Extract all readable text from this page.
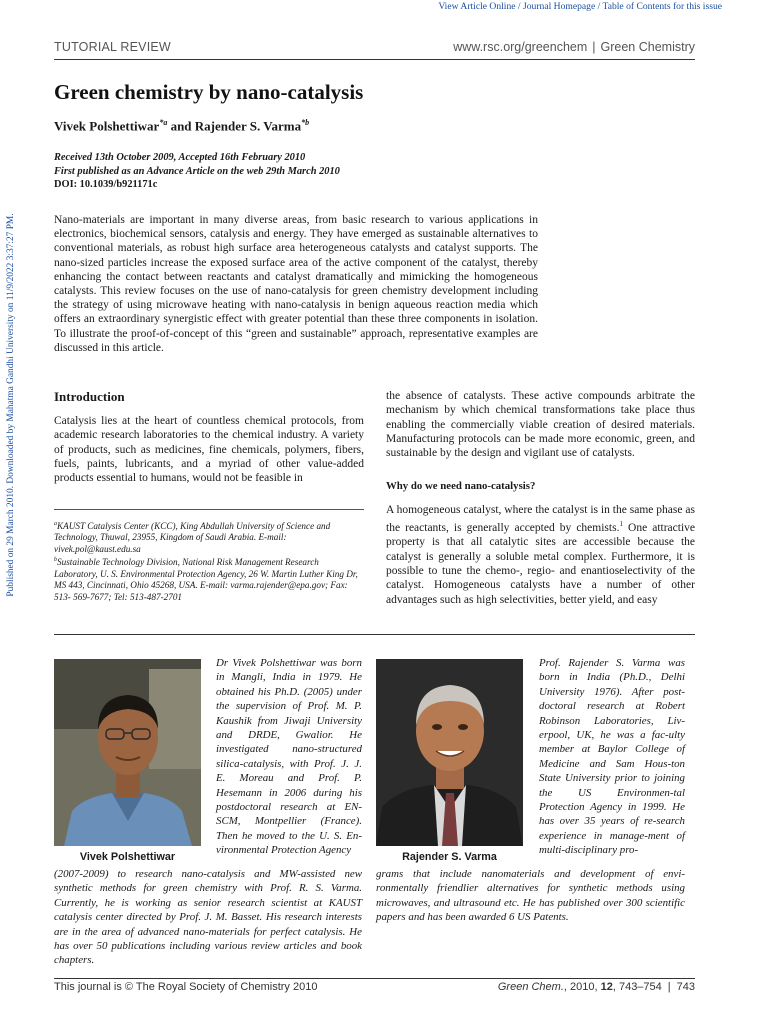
View Article Online / Journal Homepage / Table of Contents for this issue
Published on 29 March 2010. Downloaded by Mahatma Gandhi University on 11/9/2022 3:37:27 PM.
TUTORIAL REVIEW	www.rsc.org/greenchem | Green Chemistry
Green chemistry by nano-catalysis
Vivek Polshettiwar$^{*a}$ and Rajender S. Varma$^{*b}$
Received 13th October 2009, Accepted 16th February 2010
First published as an Advance Article on the web 29th March 2010
DOI: 10.1039/b921171c
Nano-materials are important in many diverse areas, from basic research to various applications in electronics, biochemical sensors, catalysis and energy. They have emerged as sustainable alternatives to conventional materials, as robust high surface area heterogeneous catalysts and catalyst supports. The nano-sized particles increase the exposed surface area of the active component of the catalyst, thereby enhancing the contact between reactants and catalyst dramatically and mimicking the homogeneous catalysts. This review focuses on the use of nano-catalysis for green chemistry development including the strategy of using microwave heating with nano-catalysis in benign aqueous reaction media which offers an extraordinary synergistic effect with greater potential than these three components in isolation. To illustrate the proof-of-concept of this “green and sustainable” approach, representative examples are discussed in this article.
Introduction
Catalysis lies at the heart of countless chemical protocols, from academic research laboratories to the chemical industry. A variety of products, such as medicines, fine chemicals, polymers, fibers, fuels, paints, lubricants, and a myriad of other value-added products essential to humans, would not be feasible in
the absence of catalysts. These active compounds arbitrate the mechanism by which chemical transformations take place thus enabling the commercially viable creation of desired materials. Manufacturing protocols can be made more economic, green, and sustainable by the design and vigilant use of catalysts.
Why do we need nano-catalysis?
A homogeneous catalyst, where the catalyst is in the same phase as the reactants, is generally accepted by chemists.$^1$ One attractive property is that all catalytic sites are accessible because the catalyst is generally a soluble metal complex. Furthermore, it is possible to tune the chemo-, regio- and enantioselectivity of the catalyst. Homogeneous catalysts have a number of other advantages such as high selectivities, better yield, and easy
$^a$KAUST Catalysis Center (KCC), King Abdullah University of Science and Technology, Thuwal, 23955, Kingdom of Saudi Arabia. E-mail: vivek.pol@kaust.edu.sa
$^b$Sustainable Technology Division, National Risk Management Research Laboratory, U. S. Environmental Protection Agency, 26 W. Martin Luther King Dr, MS 443, Cincinnati, Ohio 45268, USA. E-mail: varma.rajender@epa.gov; Fax: 513- 569-7677; Tel: 513-487-2701
Vivek Polshettiwar
Dr Vivek Polshettiwar was born in Mangli, India in 1979. He obtained his Ph.D. (2005) under the supervision of Prof. M. P. Kaushik from Jiwaji University and DRDE, Gwalior. He investigated nano-structured silica-catalysis, with Prof. J. J. E. Moreau and Prof. P. Hesemann in 2006 during his postdoctoral research at EN-SCM, Montpellier (France). Then he moved to the U. S. En-vironmental Protection Agency
(2007-2009) to research nano-catalysis and MW-assisted new synthetic methods for green chemistry with Prof. R. S. Varma. Currently, he is working as senior research scientist at KAUST catalysis center directed by Prof. J. M. Basset. His research interests are in the area of advanced nano-materials for perfect catalysis. He has over 50 publications including various review articles and book chapters.
Rajender S. Varma
Prof. Rajender S. Varma was born in India (Ph.D., Delhi University 1976). After post-doctoral research at Robert Robinson Laboratories, Liv-erpool, UK, he was a fac-ulty member at Baylor College of Medicine and Sam Hous-ton State University prior to joining the US Environmen-tal Protection Agency in 1999. He has over 35 years of re-search experience in manage-ment of multi-disciplinary pro-
grams that include nanomaterials and development of envi-ronmentally friendlier alternatives for synthetic methods using microwaves, and ultrasound etc. He has published over 300 scientific papers and has been awarded 6 US Patents.
This journal is © The Royal Society of Chemistry 2010	Green Chem., 2010, 12, 743–754 | 743
